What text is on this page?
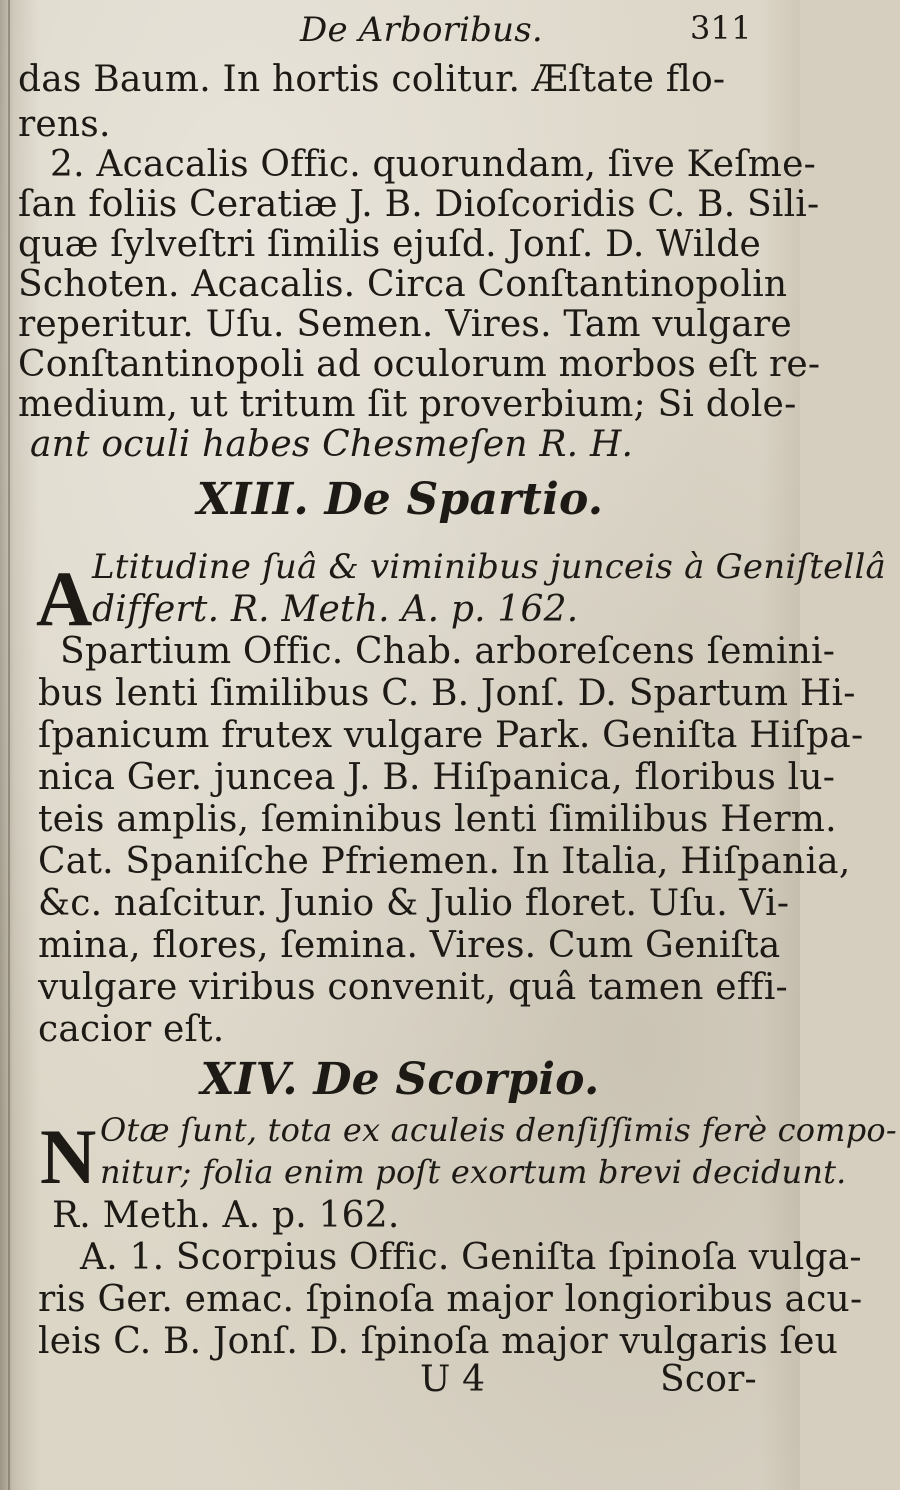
De Arboribus.	311
das Baum. In hortis colitur. Æſtate flo-
rens.
2. Acacalis Offic. quorundam, ſive Keſme-
ſan foliis Ceratiæ J. B. Dioſcoridis C. B. Sili-
quæ ſylveſtri ſimilis ejuſd. Jonſ. D. Wilde
Schoten. Acacalis. Circa Conſtantinopolin
reperitur. Uſu. Semen. Vires. Tam vulgare
Conſtantinopoli ad oculorum morbos eſt re-
medium, ut tritum ſit proverbium; Si dole-
ant oculi habes Chesmeſen R. H.
XIII. De Spartio.
A Ltitudine ſuâ & viminibus junceis à Geniſtellâ
differt. R. Meth. A. p. 162.
Spartium Offic. Chab. arboreſcens ſemini-
bus lenti ſimilibus C. B. Jonſ. D. Spartum Hi-
ſpanicum frutex vulgare Park. Geniſta Hiſpa-
nica Ger. juncea J. B. Hiſpanica, floribus lu-
teis amplis, ſeminibus lenti ſimilibus Herm.
Cat. Spaniſche Pfriemen. In Italia, Hiſpania,
&c. naſcitur. Junio & Julio floret. Uſu. Vi-
mina, flores, ſemina. Vires. Cum Geniſta
vulgare viribus convenit, quâ tamen effi-
cacior eſt.
XIV. De Scorpio.
N Otæ ſunt, tota ex aculeis denſiſſimis ferè compo-
nitur; folia enim poſt exortum brevi decidunt.
R. Meth. A. p. 162.
A. 1. Scorpius Offic. Geniſta ſpinoſa vulga-
ris Ger. emac. ſpinoſa major longioribus acu-
leis C. B. Jonſ. D. ſpinoſa major vulgaris ſeu
U 4	Scor-
